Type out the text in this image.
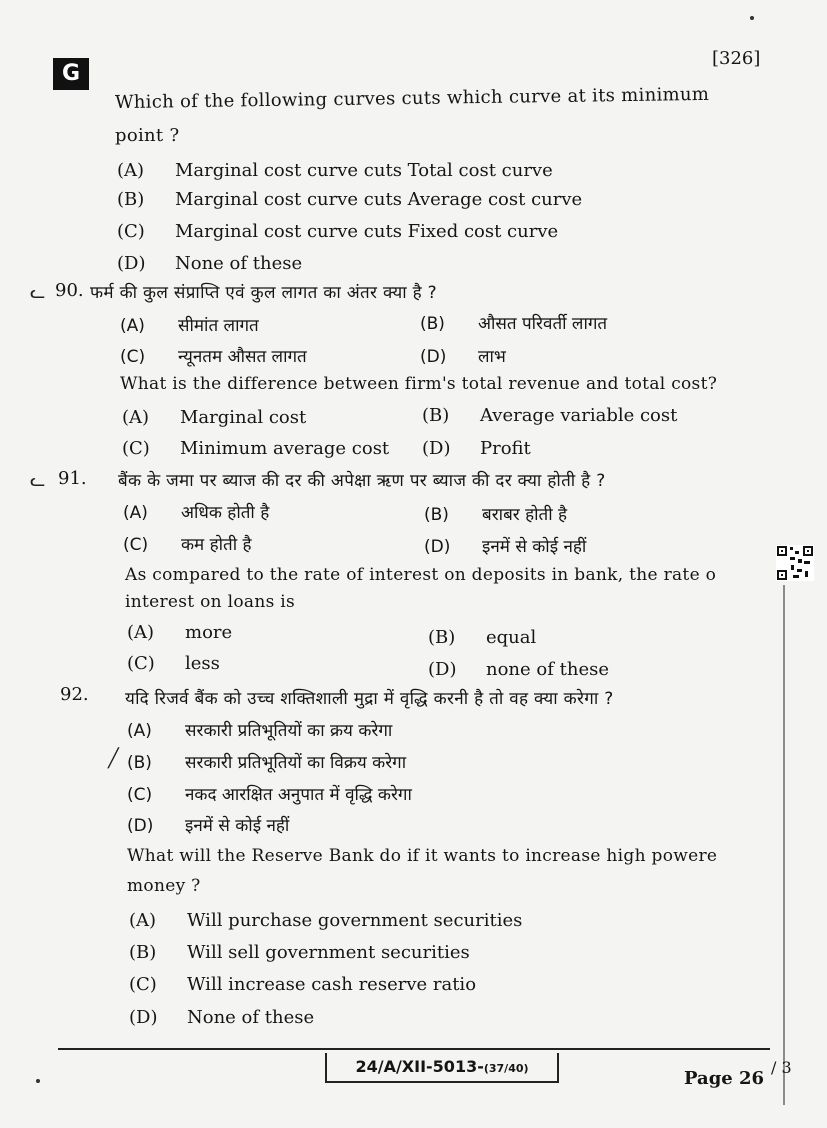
G
[326]
Which of the following curves cuts which curve at its minimum
point ?
(A) Marginal cost curve cuts Total cost curve
(B) Marginal cost curve cuts Average cost curve
(C) Marginal cost curve cuts Fixed cost curve
(D) None of these
ᓚ 90. फर्म की कुल संप्राप्ति एवं कुल लागत का अंतर क्या है ?
(A) सीमांत लागत	(B) औसत परिवर्ती लागत
(C) न्यूनतम औसत लागत	(D) लाभ
What is the difference between firm's total revenue and total cost?
(A) Marginal cost	(B) Average variable cost
(C) Minimum average cost (D) Profit
ᓚ 91. बैंक के जमा पर ब्याज की दर की अपेक्षा ऋण पर ब्याज की दर क्या होती है ?
(A) अधिक होती है	(B) बराबर होती है
(C) कम होती है	(D) इनमें से कोई नहीं
As compared to the rate of interest on deposits in bank, the rate o
interest on loans is
(A) more	(B) equal
(C) less	(D) none of these
92. यदि रिजर्व बैंक को उच्च शक्तिशाली मुद्रा में वृद्धि करनी है तो वह क्या करेगा ?
(A) सरकारी प्रतिभूतियों का क्रय करेगा
╱ (B) सरकारी प्रतिभूतियों का विक्रय करेगा
(C) नकद आरक्षित अनुपात में वृद्धि करेगा
(D) इनमें से कोई नहीं
What will the Reserve Bank do if it wants to increase high powere
money ?
(A) Will purchase government securities
(B) Will sell government securities
(C) Will increase cash reserve ratio
(D) None of these
24/A/XII-5013-(37/40)	Page 26
/ 3
